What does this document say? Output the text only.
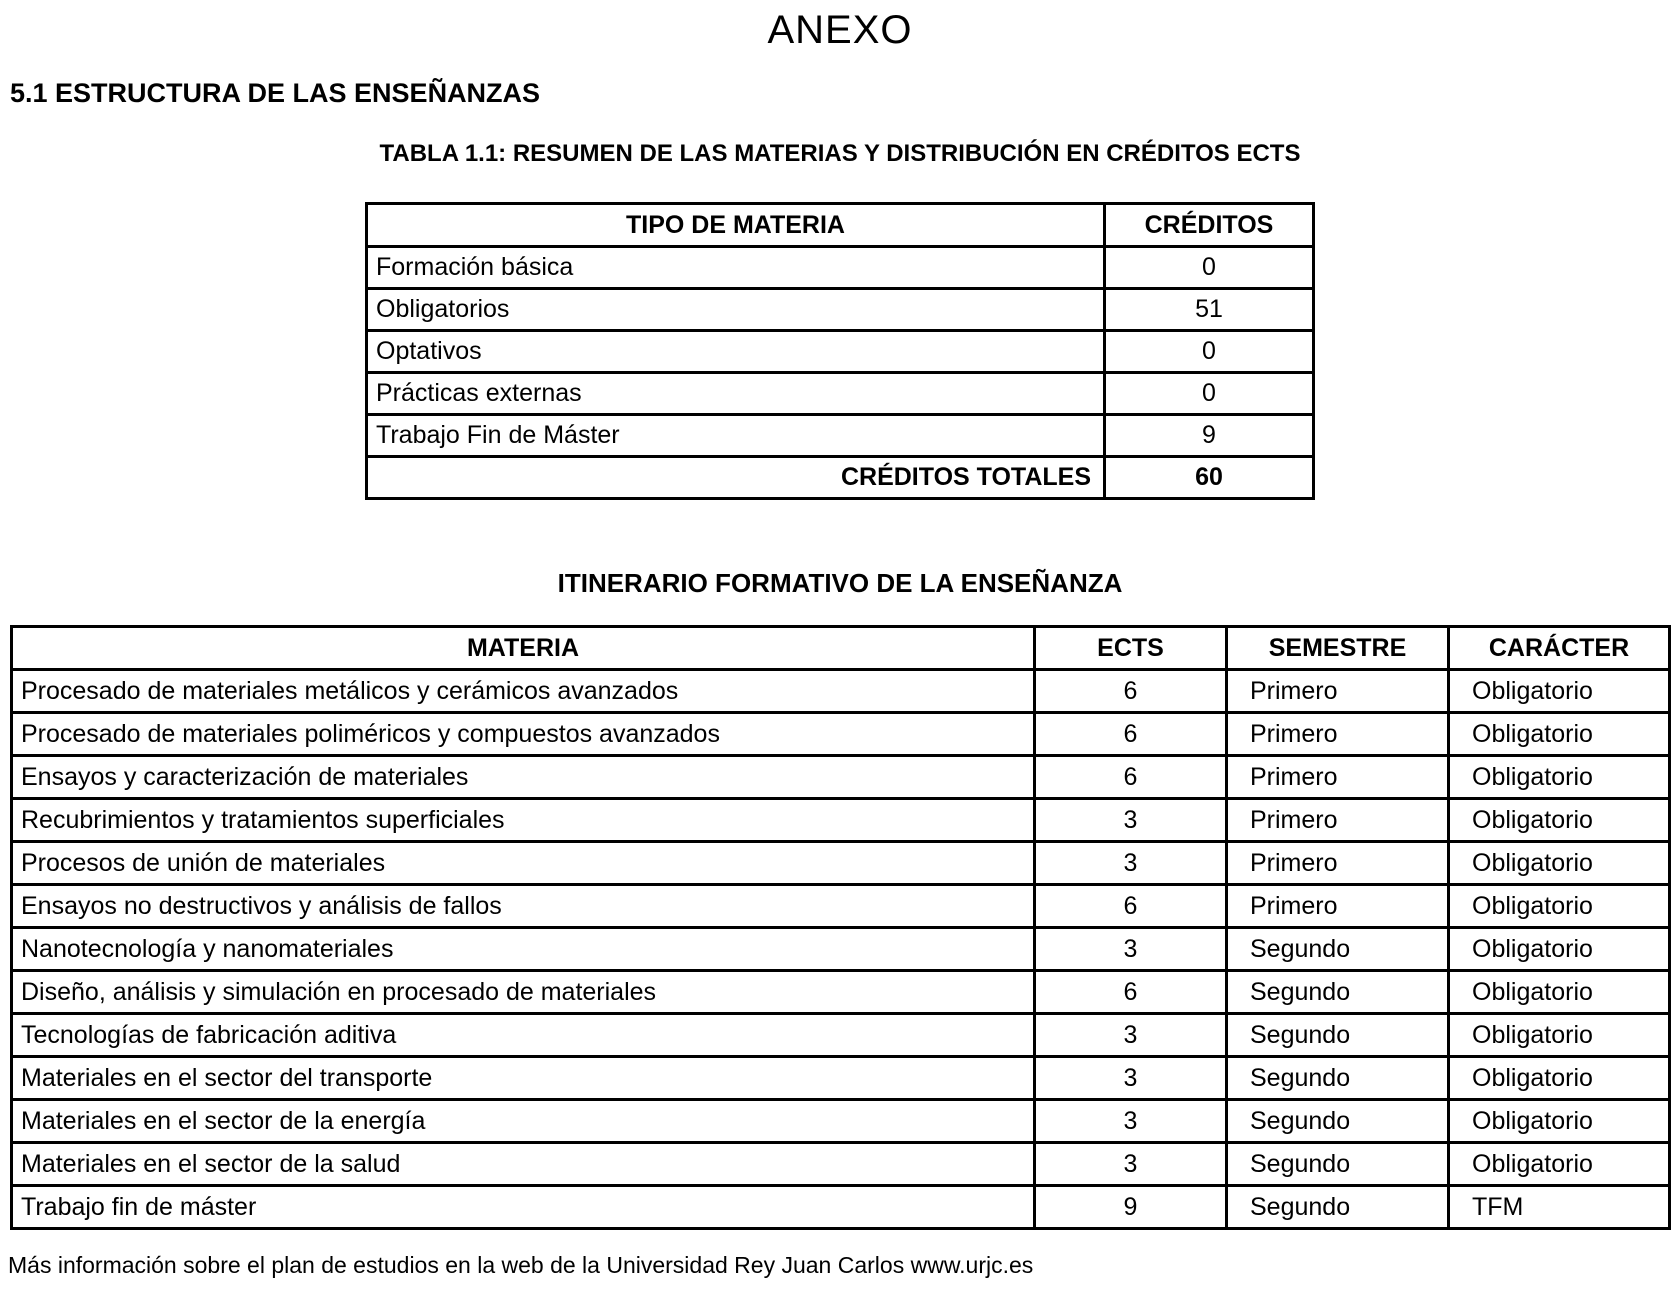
ANEXO
5.1 ESTRUCTURA DE LAS ENSEÑANZAS
TABLA 1.1: RESUMEN DE LAS MATERIAS Y DISTRIBUCIÓN EN CRÉDITOS ECTS
TIPO DE MATERIA	CRÉDITOS
Formación básica	0
Obligatorios	51
Optativos	0
Prácticas externas	0
Trabajo Fin de Máster	9
CRÉDITOS TOTALES	60
ITINERARIO FORMATIVO DE LA ENSEÑANZA
MATERIA	ECTS	SEMESTRE	CARÁCTER
Procesado de materiales metálicos y cerámicos avanzados	6	Primero	Obligatorio
Procesado de materiales poliméricos y compuestos avanzados	6	Primero	Obligatorio
Ensayos y caracterización de materiales	6	Primero	Obligatorio
Recubrimientos y tratamientos superficiales	3	Primero	Obligatorio
Procesos de unión de materiales	3	Primero	Obligatorio
Ensayos no destructivos y análisis de fallos	6	Primero	Obligatorio
Nanotecnología y nanomateriales	3	Segundo	Obligatorio
Diseño, análisis y simulación en procesado de materiales	6	Segundo	Obligatorio
Tecnologías de fabricación aditiva	3	Segundo	Obligatorio
Materiales en el sector del transporte	3	Segundo	Obligatorio
Materiales en el sector de la energía	3	Segundo	Obligatorio
Materiales en el sector de la salud	3	Segundo	Obligatorio
Trabajo fin de máster	9	Segundo	TFM
Más información sobre el plan de estudios en la web de la Universidad Rey Juan Carlos www.urjc.es
